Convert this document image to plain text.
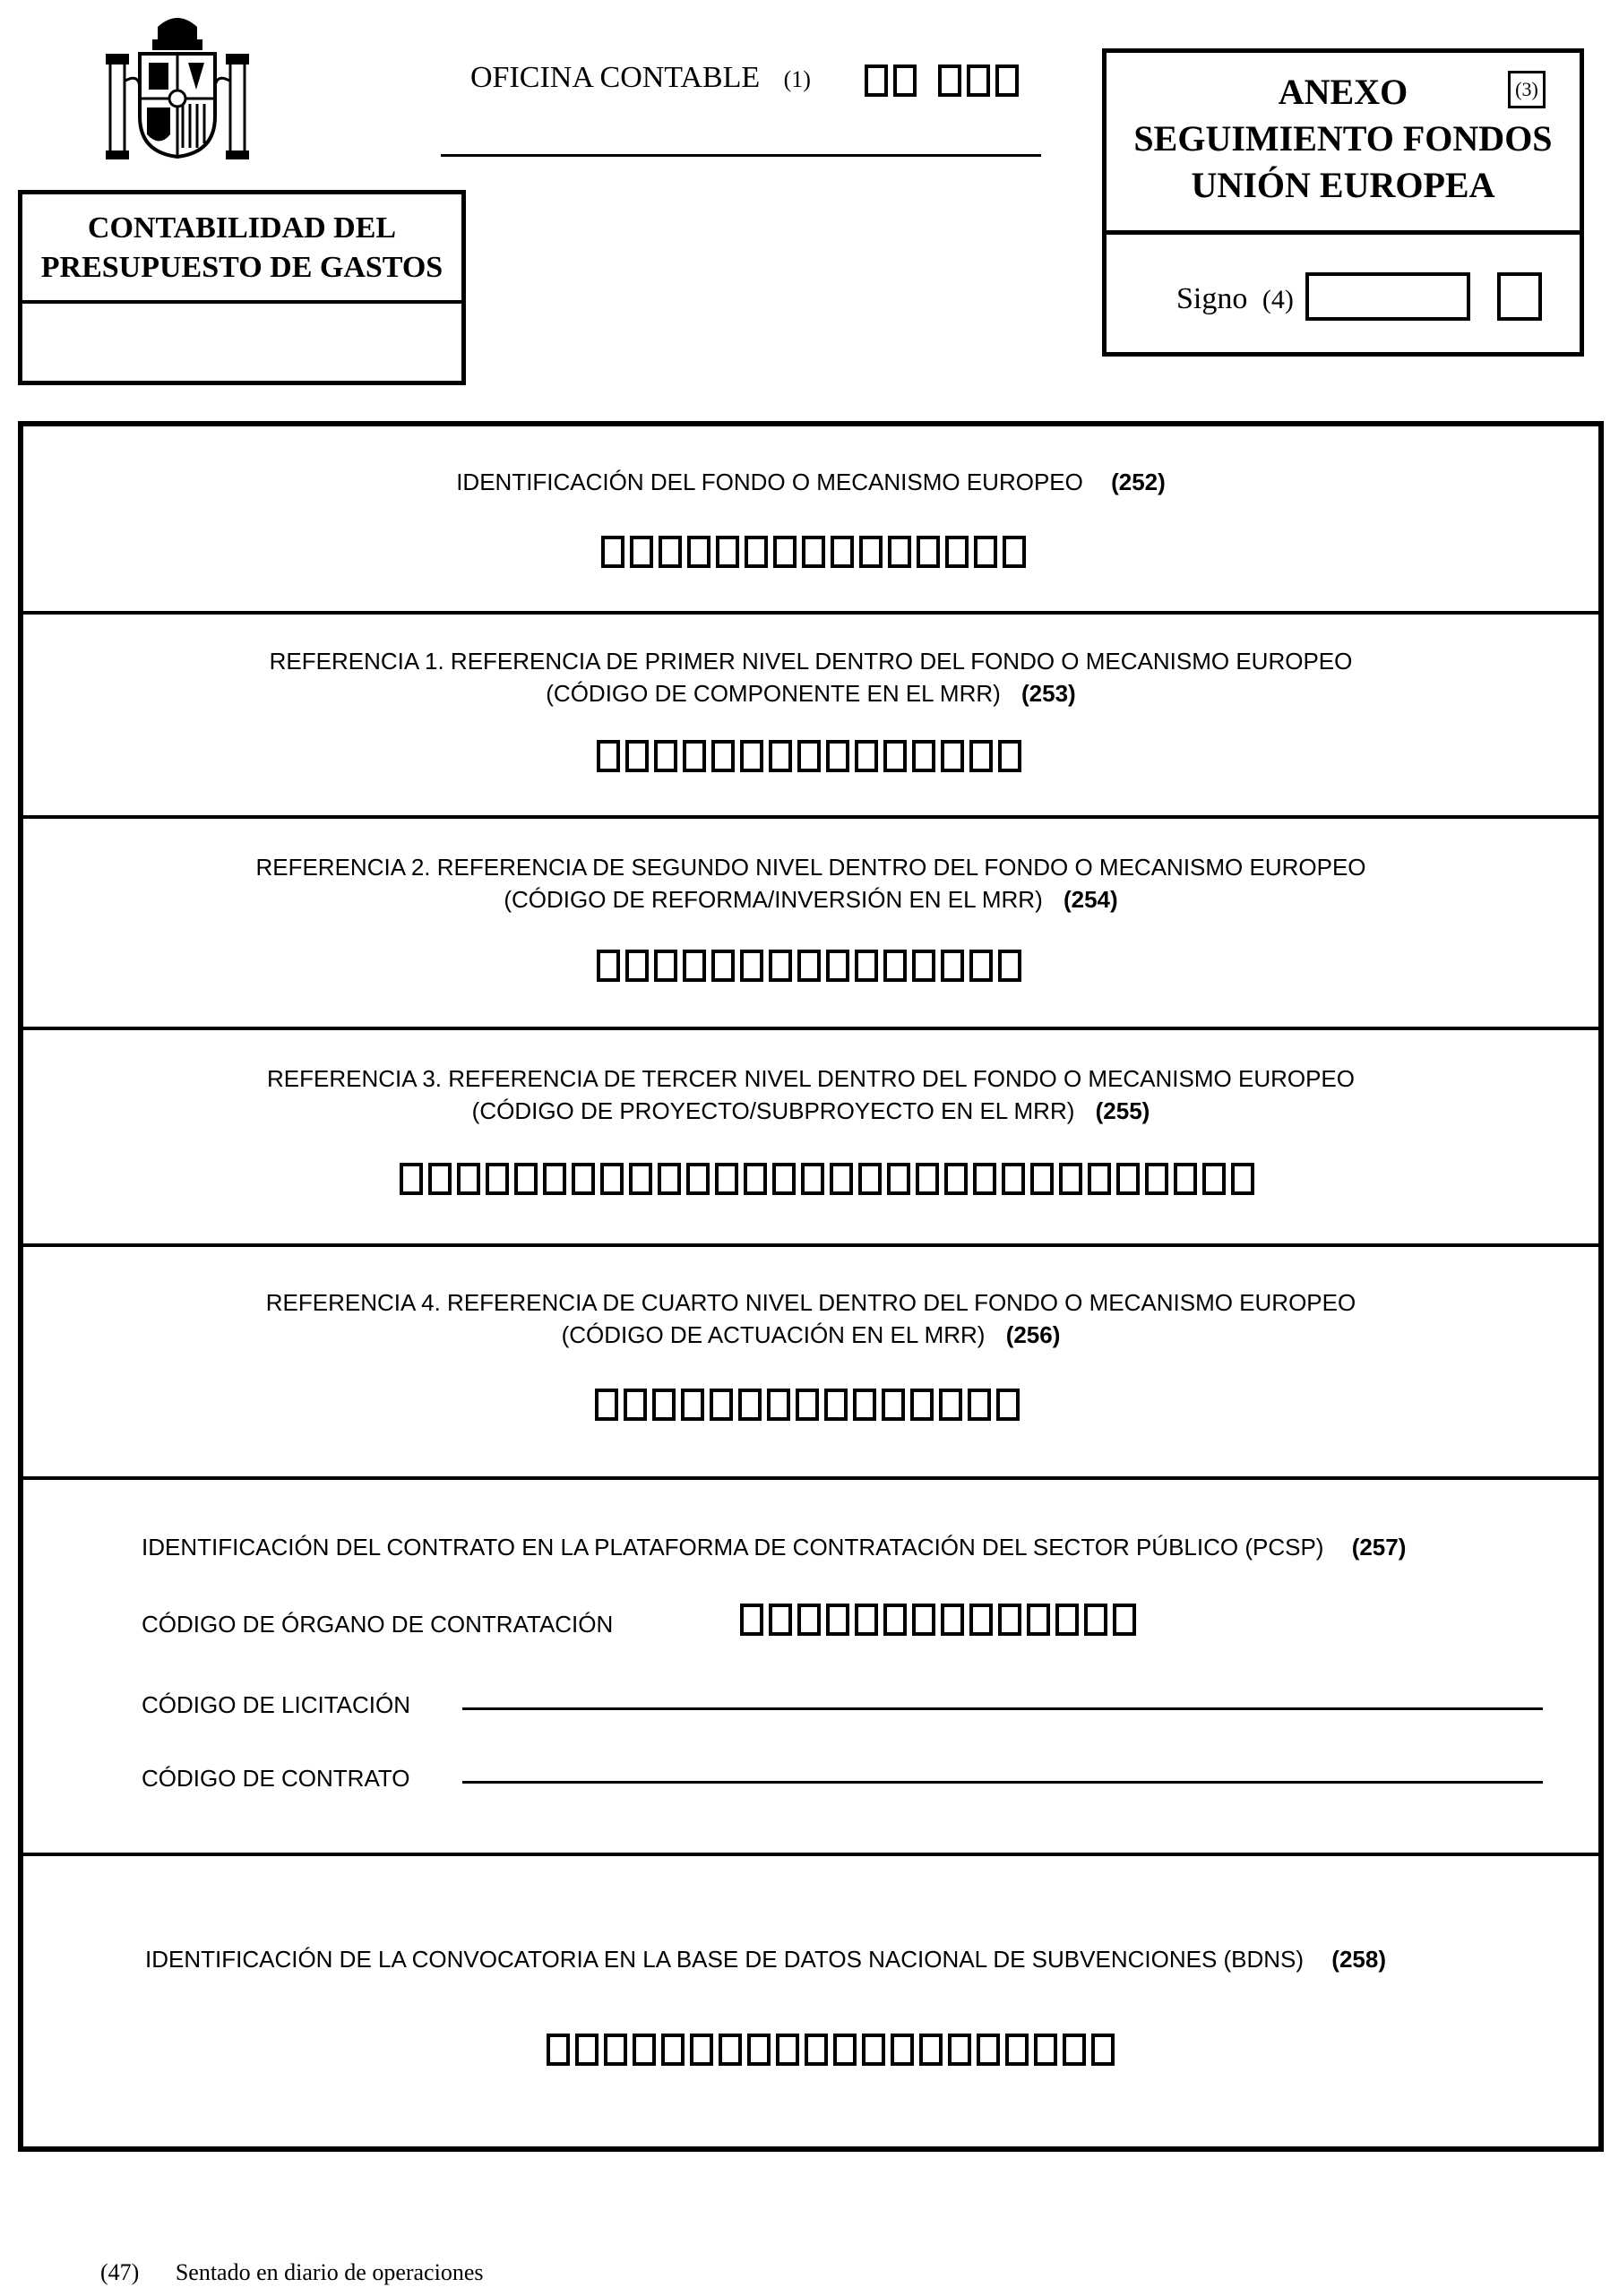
OFICINA CONTABLE (1)
CONTABILIDAD DEL
PRESUPUESTO DE GASTOS
ANEXO
SEGUIMIENTO FONDOS
UNIÓN EUROPEA
(3)
Signo (4)
IDENTIFICACIÓN DEL FONDO O MECANISMO EUROPEO (252)
REFERENCIA 1. REFERENCIA DE PRIMER NIVEL DENTRO DEL FONDO O MECANISMO EUROPEO
(CÓDIGO DE COMPONENTE EN EL MRR) (253)
REFERENCIA 2. REFERENCIA DE SEGUNDO NIVEL DENTRO DEL FONDO O MECANISMO EUROPEO
(CÓDIGO DE REFORMA/INVERSIÓN EN EL MRR) (254)
REFERENCIA 3. REFERENCIA DE TERCER NIVEL DENTRO DEL FONDO O MECANISMO EUROPEO
(CÓDIGO DE PROYECTO/SUBPROYECTO EN EL MRR) (255)
REFERENCIA 4. REFERENCIA DE CUARTO NIVEL DENTRO DEL FONDO O MECANISMO EUROPEO
(CÓDIGO DE ACTUACIÓN EN EL MRR) (256)
IDENTIFICACIÓN DEL CONTRATO EN LA PLATAFORMA DE CONTRATACIÓN DEL SECTOR PÚBLICO (PCSP) (257)
CÓDIGO DE ÓRGANO DE CONTRATACIÓN
CÓDIGO DE LICITACIÓN
CÓDIGO DE CONTRATO
IDENTIFICACIÓN DE LA CONVOCATORIA EN LA BASE DE DATOS NACIONAL DE SUBVENCIONES (BDNS) (258)
(47) Sentado en diario de operaciones
